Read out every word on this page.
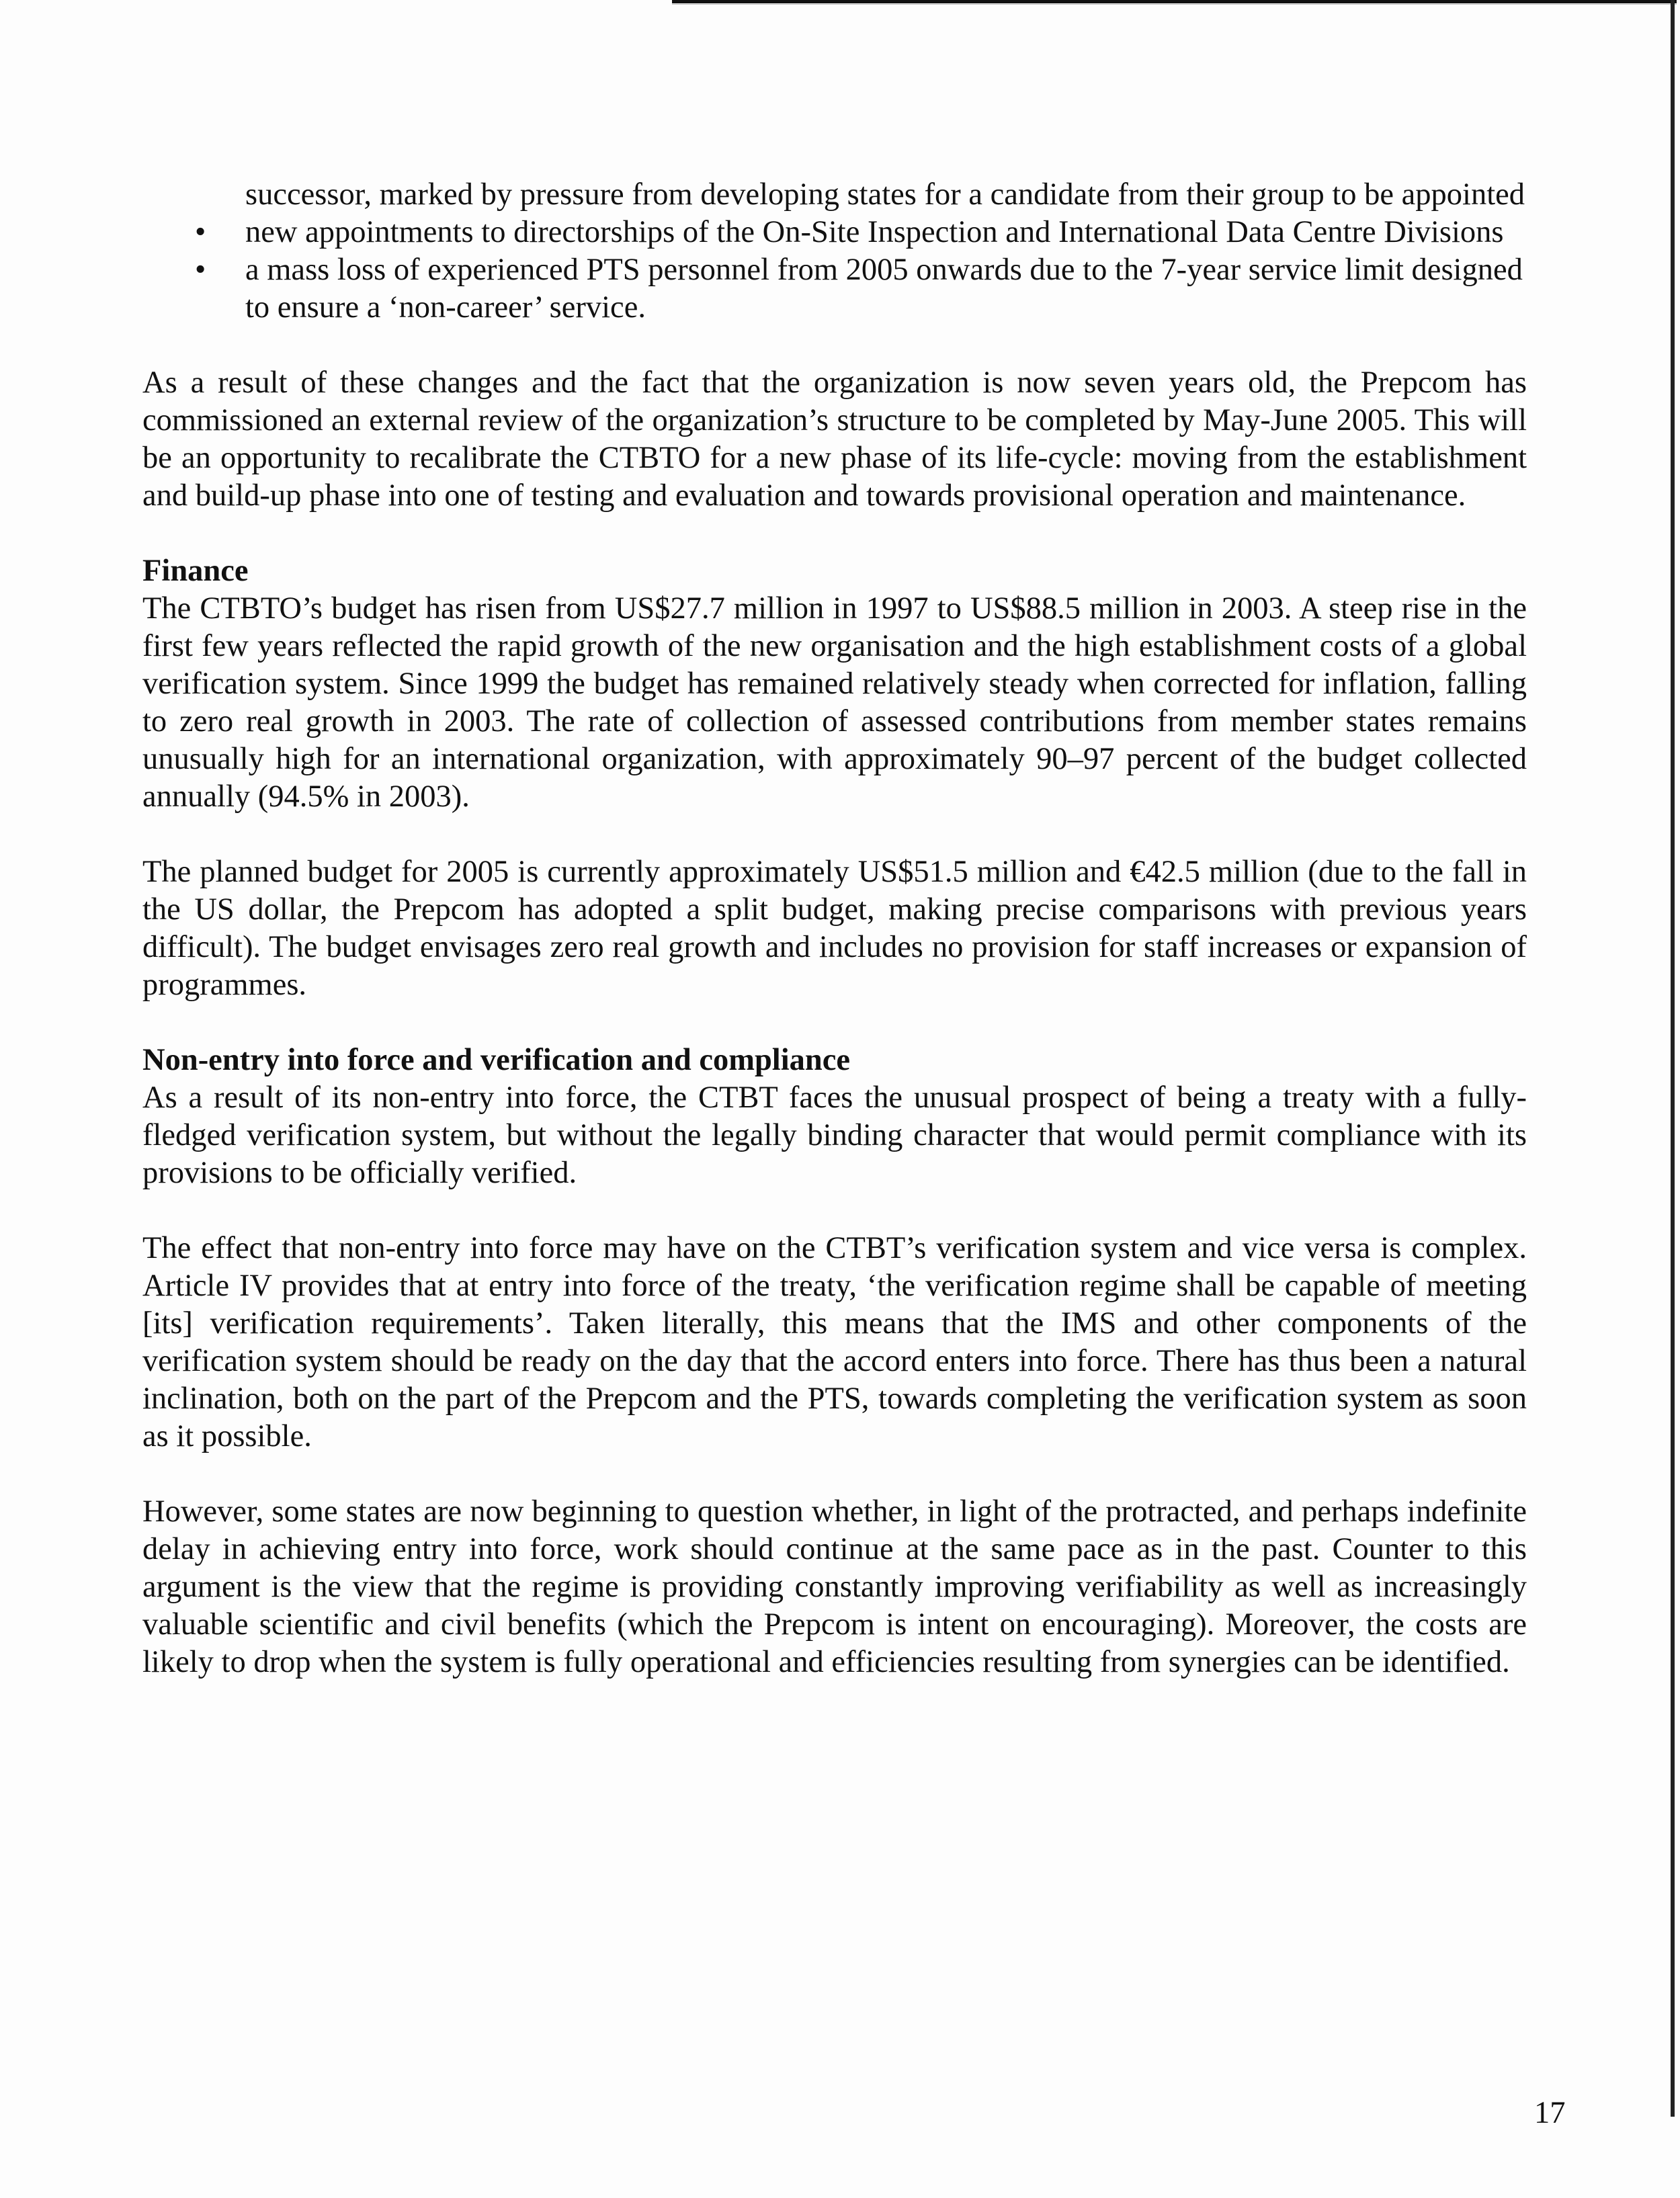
successor, marked by pressure from developing states for a candidate from their group to be appointed
• new appointments to directorships of the On-Site Inspection and International Data Centre Divisions
• a mass loss of experienced PTS personnel from 2005 onwards due to the 7-year service limit designed to ensure a ‘non-career’ service.

As a result of these changes and the fact that the organization is now seven years old, the Prepcom has commissioned an external review of the organization’s structure to be completed by May-June 2005. This will be an opportunity to recalibrate the CTBTO for a new phase of its life-cycle: moving from the establishment and build-up phase into one of testing and evaluation and towards provisional operation and maintenance.

Finance

The CTBTO’s budget has risen from US$27.7 million in 1997 to US$88.5 million in 2003. A steep rise in the first few years reflected the rapid growth of the new organisation and the high establishment costs of a global verification system. Since 1999 the budget has remained relatively steady when corrected for inflation, falling to zero real growth in 2003. The rate of collection of assessed contributions from member states remains unusually high for an international organization, with approximately 90–97 percent of the budget collected annually (94.5% in 2003).

The planned budget for 2005 is currently approximately US$51.5 million and €42.5 million (due to the fall in the US dollar, the Prepcom has adopted a split budget, making precise comparisons with previous years difficult). The budget envisages zero real growth and includes no provision for staff increases or expansion of programmes.

Non-entry into force and verification and compliance

As a result of its non-entry into force, the CTBT faces the unusual prospect of being a treaty with a fully-fledged verification system, but without the legally binding character that would permit compliance with its provisions to be officially verified.

The effect that non-entry into force may have on the CTBT’s verification system and vice versa is complex. Article IV provides that at entry into force of the treaty, ‘the verification regime shall be capable of meeting [its] verification requirements’. Taken literally, this means that the IMS and other components of the verification system should be ready on the day that the accord enters into force. There has thus been a natural inclination, both on the part of the Prepcom and the PTS, towards completing the verification system as soon as it possible.

However, some states are now beginning to question whether, in light of the protracted, and perhaps indefinite delay in achieving entry into force, work should continue at the same pace as in the past. Counter to this argument is the view that the regime is providing constantly improving verifiability as well as increasingly valuable scientific and civil benefits (which the Prepcom is intent on encouraging). Moreover, the costs are likely to drop when the system is fully operational and efficiencies resulting from synergies can be identified.

17
